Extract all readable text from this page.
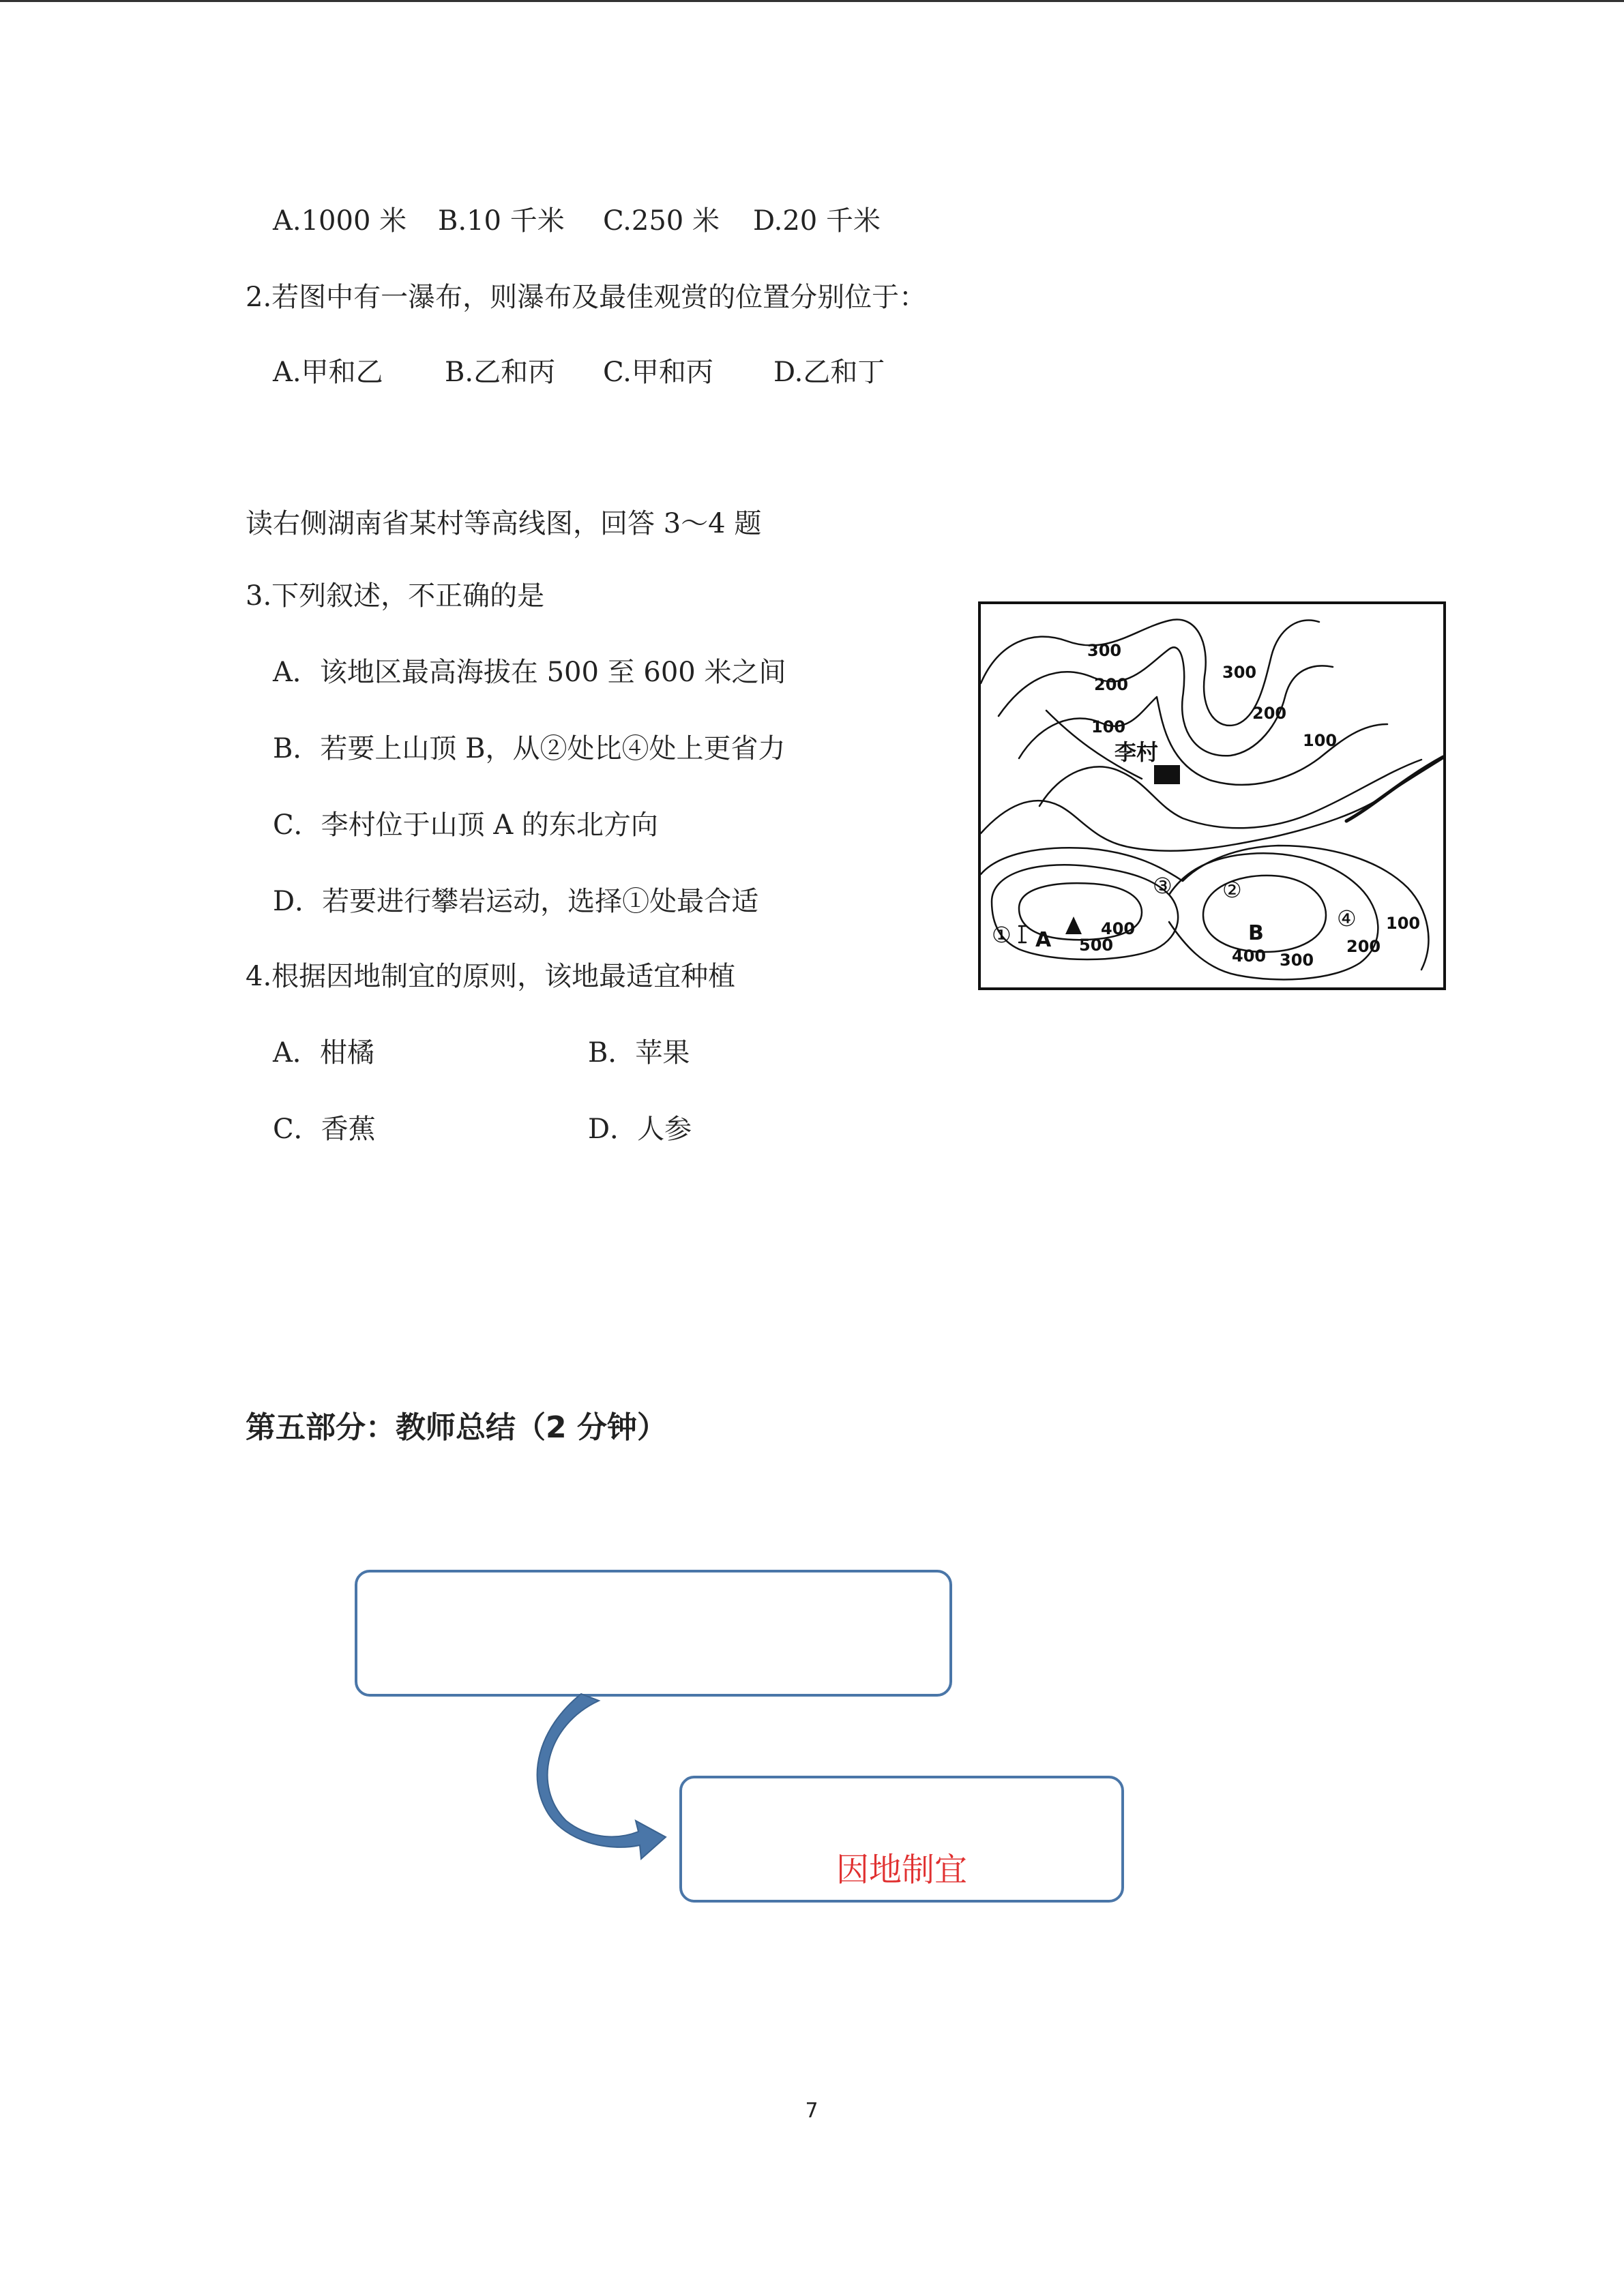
A.1000 米 B.10 千米 C.250 米 D.20 千米
2.若图中有一瀑布，则瀑布及最佳观赏的位置分别位于：
A.甲和乙 B.乙和丙 C.甲和丙 D.乙和丁
读右侧湖南省某村等高线图，回答 3～4 题
3.下列叙述，不正确的是
A．该地区最高海拔在 500 至 600 米之间
B．若要上山顶 B，从②处比④处上更省力
C．李村位于山顶 A 的东北方向
D．若要进行攀岩运动，选择①处最合适
4.根据因地制宜的原则，该地最适宜种植
A．柑橘	B．苹果
C．香蕉	D．人参
300
200
100
300
200
100
李村
③ ②
①
④
400
A 500	B
400 300
200
100
第五部分：教师总结（2 分钟）
因地制宜
7
